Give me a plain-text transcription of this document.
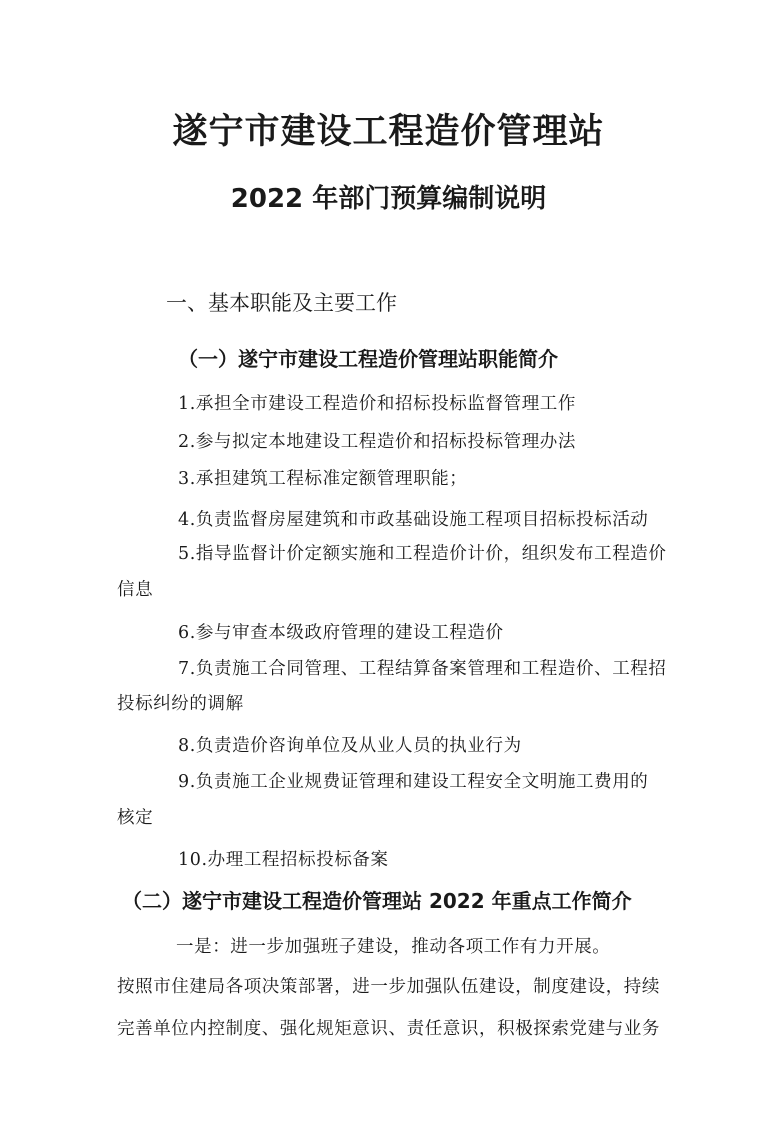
遂宁市建设工程造价管理站
2022 年部门预算编制说明
一、基本职能及主要工作
（一）遂宁市建设工程造价管理站职能简介
1.承担全市建设工程造价和招标投标监督管理工作
2.参与拟定本地建设工程造价和招标投标管理办法
3.承担建筑工程标准定额管理职能；
4.负责监督房屋建筑和市政基础设施工程项目招标投标活动
5.指导监督计价定额实施和工程造价计价，组织发布工程造价
信息
6.参与审查本级政府管理的建设工程造价
7.负责施工合同管理、工程结算备案管理和工程造价、工程招
投标纠纷的调解
8.负责造价咨询单位及从业人员的执业行为
9.负责施工企业规费证管理和建设工程安全文明施工费用的
核定
10.办理工程招标投标备案
（二）遂宁市建设工程造价管理站 2022 年重点工作简介
一是：进一步加强班子建设，推动各项工作有力开展。
按照市住建局各项决策部署，进一步加强队伍建设，制度建设，持续
完善单位内控制度、强化规矩意识、责任意识，积极探索党建与业务
